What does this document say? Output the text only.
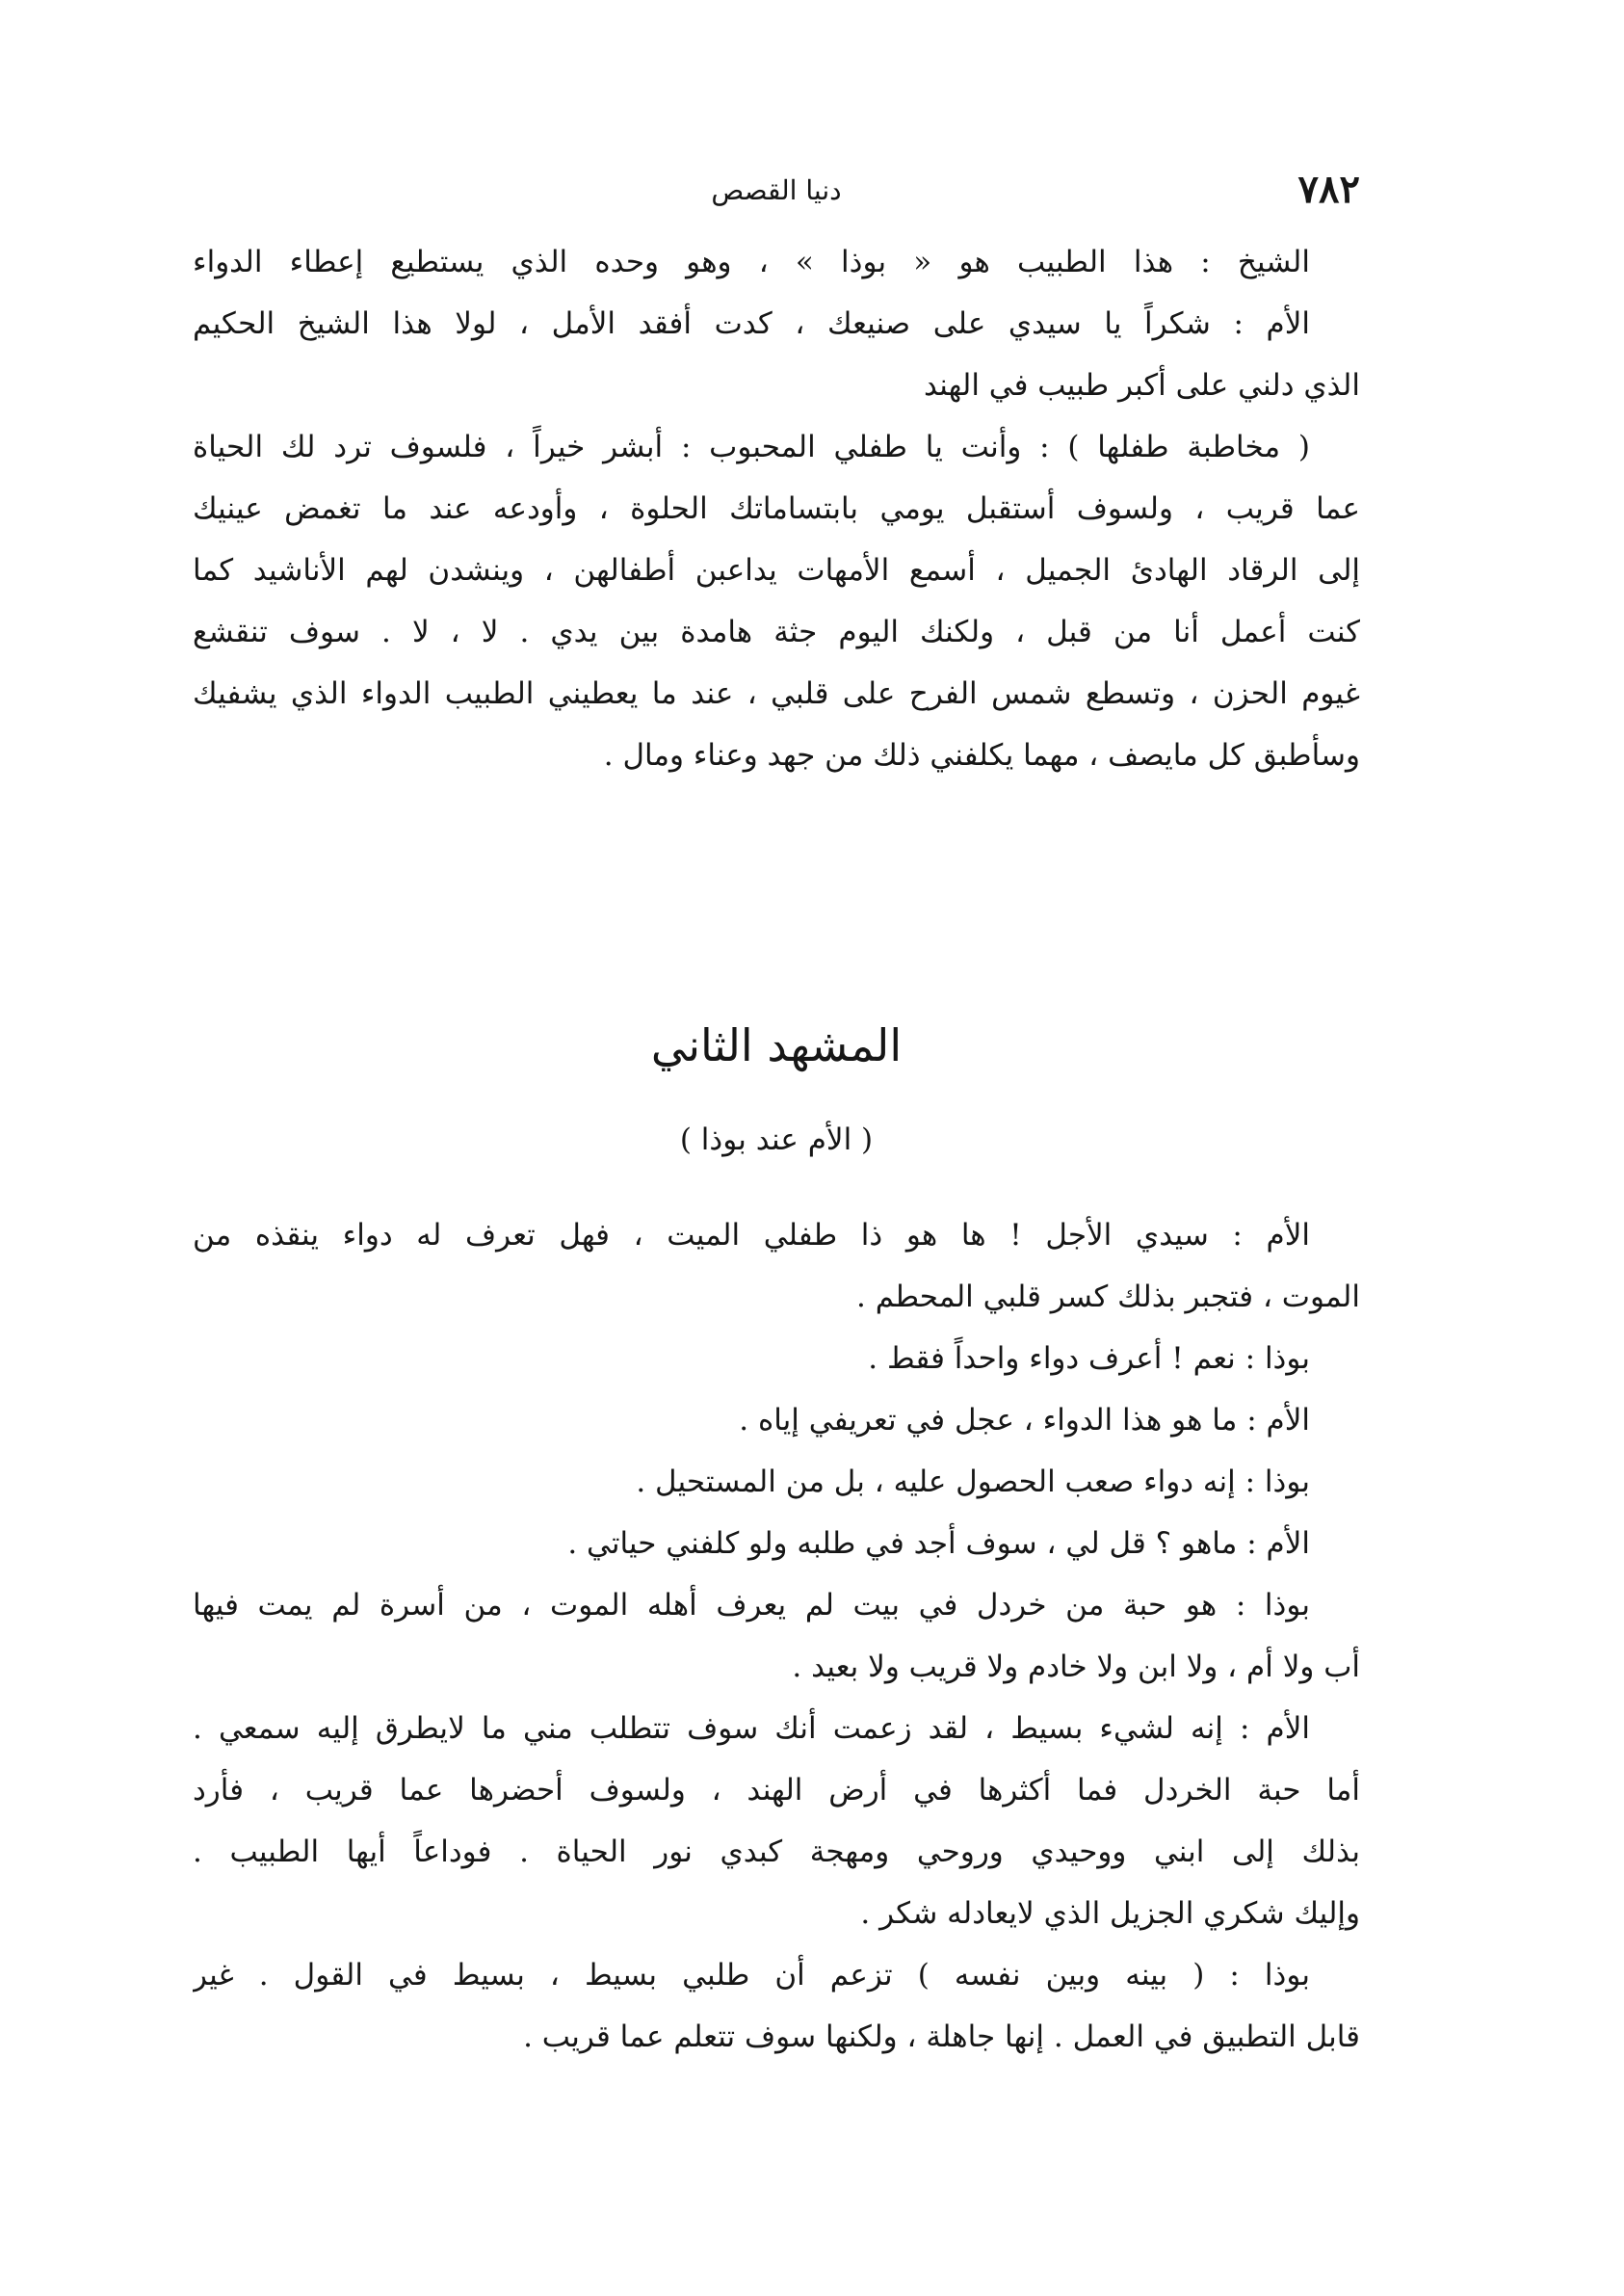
٧٨٢
دنيا القصص
الشيخ : هذا الطبيب هو « بوذا » ، وهو وحده الذي يستطيع إعطاء الدواء
الأم : شكراً يا سيدي على صنيعك ، كدت أفقد الأمل ، لولا هذا الشيخ الحكيم
الذي دلني على أكبر طبيب في الهند
( مخاطبة طفلها ) : وأنت يا طفلي المحبوب : أبشر خيراً ، فلسوف ترد لك الحياة
عما قريب ، ولسوف أستقبل يومي بابتساماتك الحلوة ، وأودعه عند ما تغمض عينيك
إلى الرقاد الهادئ الجميل ، أسمع الأمهات يداعبن أطفالهن ، وينشدن لهم الأناشيد كما
كنت أعمل أنا من قبل ، ولكنك اليوم جثة هامدة بين يدي . لا ، لا . سوف تنقشع
غيوم الحزن ، وتسطع شمس الفرح على قلبي ، عند ما يعطيني الطبيب الدواء الذي يشفيك
وسأطبق كل مايصف ، مهما يكلفني ذلك من جهد وعناء ومال .
المشهد الثاني
( الأم عند بوذا )
الأم : سيدي الأجل ! ها هو ذا طفلي الميت ، فهل تعرف له دواء ينقذه من
الموت ، فتجبر بذلك كسر قلبي المحطم .
بوذا : نعم ! أعرف دواء واحداً فقط .
الأم : ما هو هذا الدواء ، عجل في تعريفي إياه .
بوذا : إنه دواء صعب الحصول عليه ، بل من المستحيل .
الأم : ماهو ؟ قل لي ، سوف أجد في طلبه ولو كلفني حياتي .
بوذا : هو حبة من خردل في بيت لم يعرف أهله الموت ، من أسرة لم يمت فيها
أب ولا أم ، ولا ابن ولا خادم ولا قريب ولا بعيد .
الأم : إنه لشيء بسيط ، لقد زعمت أنك سوف تتطلب مني ما لايطرق إليه سمعي .
أما حبة الخردل فما أكثرها في أرض الهند ، ولسوف أحضرها عما قريب ، فأرد
بذلك إلى ابني ووحيدي وروحي ومهجة كبدي نور الحياة . فوداعاً أيها الطبيب .
وإليك شكري الجزيل الذي لايعادله شكر .
بوذا : ( بينه وبين نفسه ) تزعم أن طلبي بسيط ، بسيط في القول . غير
قابل التطبيق في العمل . إنها جاهلة ، ولكنها سوف تتعلم عما قريب .
